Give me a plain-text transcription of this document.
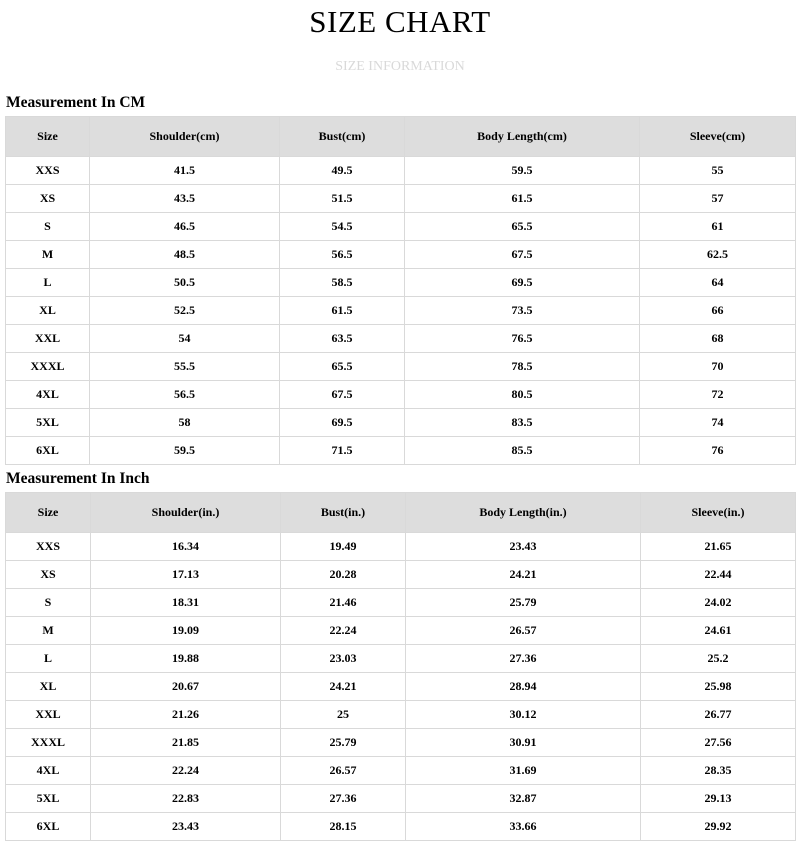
SIZE CHART
SIZE INFORMATION
Measurement In CM
Size	Shoulder(cm)	Bust(cm)	Body Length(cm)	Sleeve(cm)
XXS	41.5	49.5	59.5	55
XS	43.5	51.5	61.5	57
S	46.5	54.5	65.5	61
M	48.5	56.5	67.5	62.5
L	50.5	58.5	69.5	64
XL	52.5	61.5	73.5	66
XXL	54	63.5	76.5	68
XXXL	55.5	65.5	78.5	70
4XL	56.5	67.5	80.5	72
5XL	58	69.5	83.5	74
6XL	59.5	71.5	85.5	76
Measurement In Inch
Size	Shoulder(in.)	Bust(in.)	Body Length(in.)	Sleeve(in.)
XXS	16.34	19.49	23.43	21.65
XS	17.13	20.28	24.21	22.44
S	18.31	21.46	25.79	24.02
M	19.09	22.24	26.57	24.61
L	19.88	23.03	27.36	25.2
XL	20.67	24.21	28.94	25.98
XXL	21.26	25	30.12	26.77
XXXL	21.85	25.79	30.91	27.56
4XL	22.24	26.57	31.69	28.35
5XL	22.83	27.36	32.87	29.13
6XL	23.43	28.15	33.66	29.92
